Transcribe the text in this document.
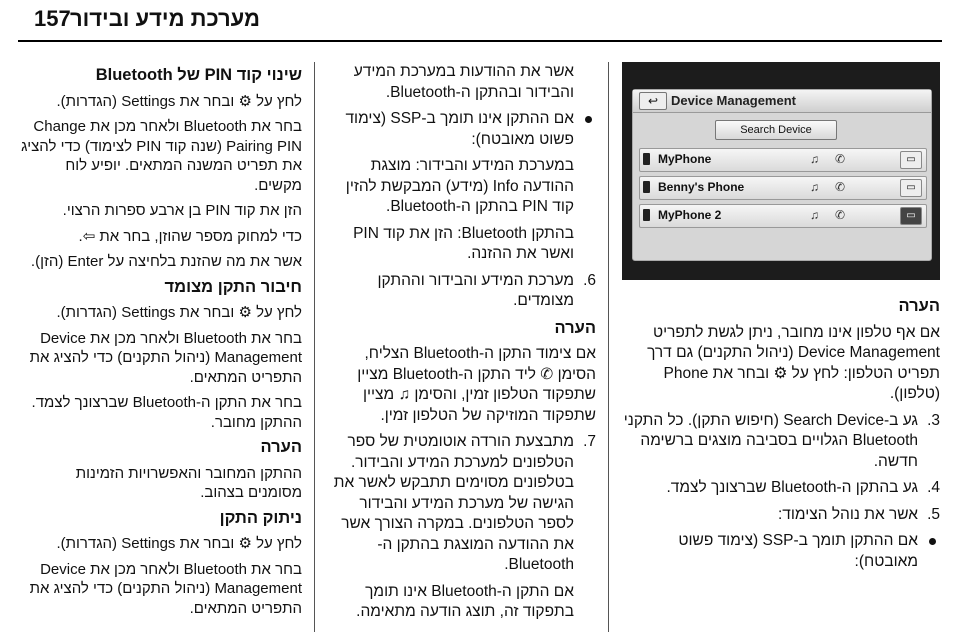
157 מערכת מידע ובידור
↩ Device Management
Search Device
MyPhone	♫ ✆	▭
Benny's Phone	♫ ✆	▭
MyPhone 2	♫ ✆	▭

הערה

אם אף טלפון אינו מחובר, ניתן לגשת לתפריט Device Management (ניהול התקנים) גם דרך תפריט הטלפון: לחץ על ⚙ ובחר את Phone (טלפון).

3.
גע ב-Search Device (חיפוש התקן). כל התקני Bluetooth הגלויים בסביבה מוצגים ברשימה חדשה.
4.
גע בהתקן ה-Bluetooth שברצונך לצמד.
5.
אשר את נוהל הצימוד:
אם ההתקן תומך ב-SSP (צימוד פשוט מאובטח):

אשר את ההודעות במערכת המידע והבידור ובהתקן ה-Bluetooth.

אם ההתקן אינו תומך ב-SSP (צימוד פשוט מאובטח):

במערכת המידע והבידור: מוצגת ההודעה Info (מידע) המבקשת להזין קוד PIN בהתקן ה-Bluetooth.

בהתקן Bluetooth: הזן את קוד PIN ואשר את ההזנה.

6.
מערכת המידע והבידור וההתקן מצומדים.

הערה

אם צימוד התקן ה-Bluetooth הצליח, הסימן ✆ ליד התקן ה-Bluetooth מציין שתפקוד הטלפון זמין, והסימן ♫ מציין שתפקוד המוזיקה של הטלפון זמין.

7.
מתבצעת הורדה אוטומטית של ספר הטלפונים למערכת המידע והבידור. בטלפונים מסוימים תתבקש לאשר את הגישה של מערכת המידע והבידור לספר הטלפונים. במקרה הצורך אשר את ההודעה המוצגת בהתקן ה-Bluetooth.

אם התקן ה-Bluetooth אינו תומך בתפקוד זה, תוצג הודעה מתאימה.

שינוי קוד PIN של Bluetooth

לחץ על ⚙ ובחר את Settings (הגדרות).

בחר את Bluetooth ולאחר מכן את Change Pairing PIN (שנה קוד PIN לצימוד) כדי להציג את תפריט המשנה המתאים. יופיע לוח מקשים.

הזן את קוד PIN בן ארבע ספרות הרצוי.

כדי למחוק מספר שהוזן, בחר את ⇦.

אשר את מה שהזנת בלחיצה על Enter (הזן).

חיבור התקן מצומד

לחץ על ⚙ ובחר את Settings (הגדרות).

בחר את Bluetooth ולאחר מכן את Device Management (ניהול התקנים) כדי להציג את התפריט המתאים.

בחר את התקן ה-Bluetooth שברצונך לצמד. ההתקן מחובר.

הערה

ההתקן המחובר והאפשרויות הזמינות מסומנים בצהוב.

ניתוק התקן

לחץ על ⚙ ובחר את Settings (הגדרות).

בחר את Bluetooth ולאחר מכן את Device Management (ניהול התקנים) כדי להציג את התפריט המתאים.
